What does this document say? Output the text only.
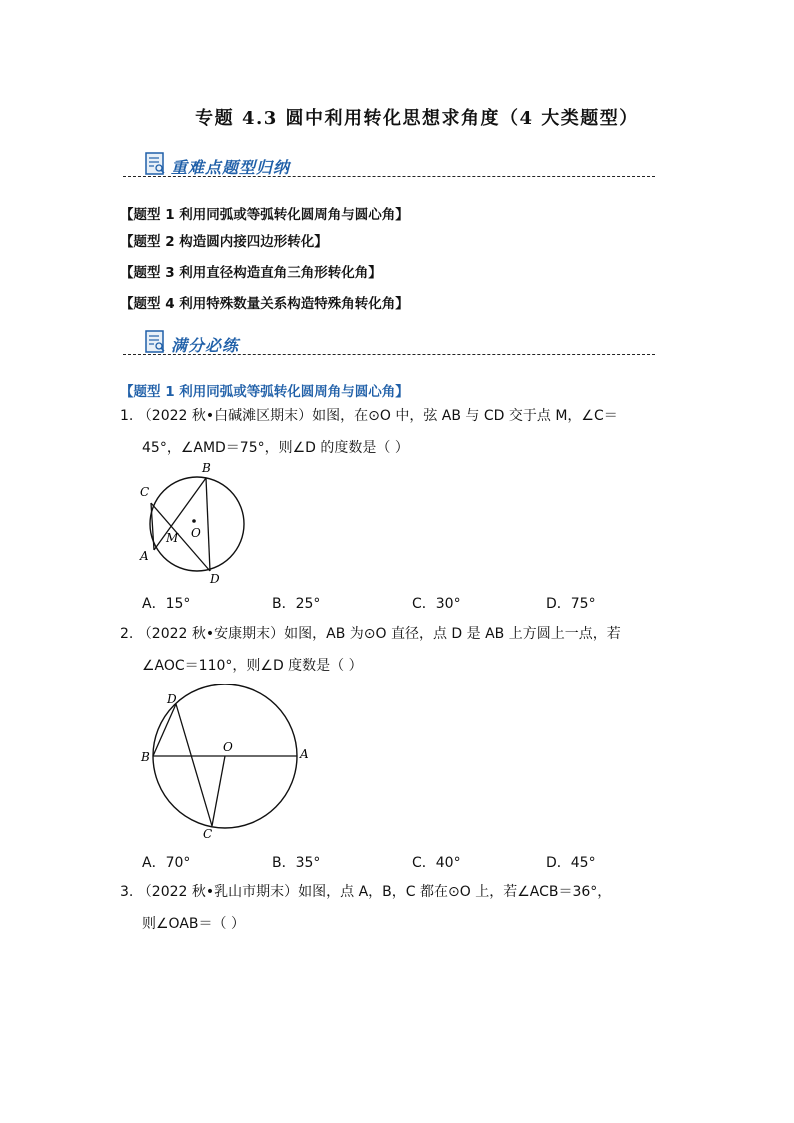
专题 4.3 圆中利用转化思想求角度（4 大类题型）
重难点题型归纳
【题型 1 利用同弧或等弧转化圆周角与圆心角】
【题型 2 构造圆内接四边形转化】
【题型 3 利用直径构造直角三角形转化角】
【题型 4 利用特殊数量关系构造特殊角转化角】
满分必练
【题型 1 利用同弧或等弧转化圆周角与圆心角】
1. （2022 秋•白碱滩区期末）如图，在⊙O 中，弦 AB 与 CD 交于点 M，∠C＝
45°，∠AMD＝75°，则∠D 的度数是（ ）
B
C
O
M
A
D
A．15°	B．25°	C．30°	D．75°
2. （2022 秋•安康期末）如图，AB 为⊙O 直径，点 D 是 AB 上方圆上一点，若
∠AOC＝110°，则∠D 度数是（ ）
D
O
B	A
C
A．70°	B．35°	C．40°	D．45°
3. （2022 秋•乳山市期末）如图，点 A，B，C 都在⊙O 上，若∠ACB＝36°，
则∠OAB＝（ ）
